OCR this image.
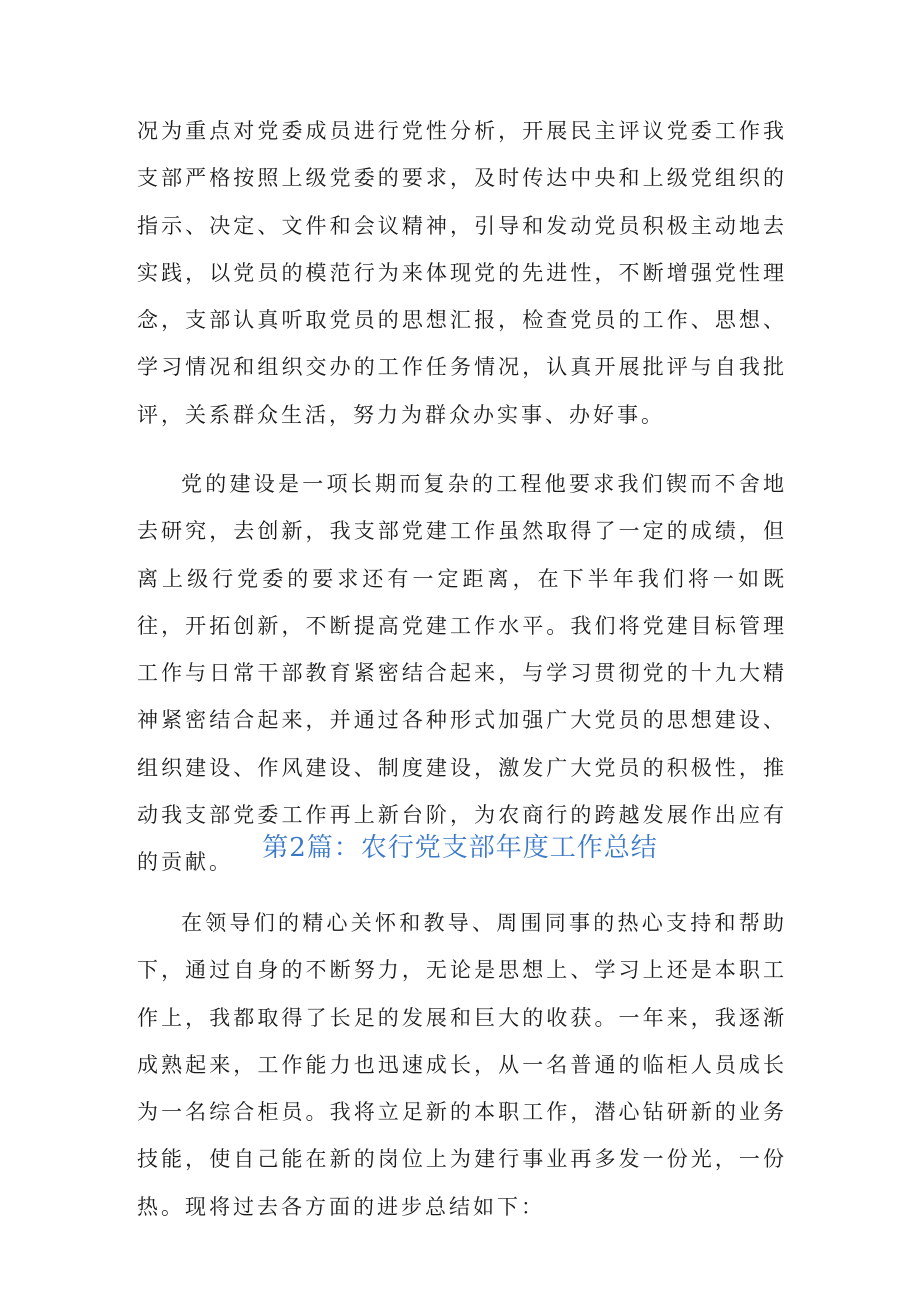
况为重点对党委成员进行党性分析，开展民主评议党委工作我支部严格按照上级党委的要求，及时传达中央和上级党组织的指示、决定、文件和会议精神，引导和发动党员积极主动地去实践，以党员的模范行为来体现党的先进性，不断增强党性理念，支部认真听取党员的思想汇报，检查党员的工作、思想、学习情况和组织交办的工作任务情况，认真开展批评与自我批评，关系群众生活，努力为群众办实事、办好事。

党的建设是一项长期而复杂的工程他要求我们锲而不舍地去研究，去创新，我支部党建工作虽然取得了一定的成绩，但离上级行党委的要求还有一定距离，在下半年我们将一如既往，开拓创新，不断提高党建工作水平。我们将党建目标管理工作与日常干部教育紧密结合起来，与学习贯彻党的十九大精神紧密结合起来，并通过各种形式加强广大党员的思想建设、组织建设、作风建设、制度建设，激发广大党员的积极性，推动我支部党委工作再上新台阶，为农商行的跨越发展作出应有的贡献。	第2篇：农行党支部年度工作总结

在领导们的精心关怀和教导、周围同事的热心支持和帮助下，通过自身的不断努力，无论是思想上、学习上还是本职工作上，我都取得了长足的发展和巨大的收获。一年来，我逐渐成熟起来，工作能力也迅速成长，从一名普通的临柜人员成长为一名综合柜员。我将立足新的本职工作，潜心钻研新的业务技能，使自己能在新的岗位上为建行事业再多发一份光，一份热。现将过去各方面的进步总结如下：
